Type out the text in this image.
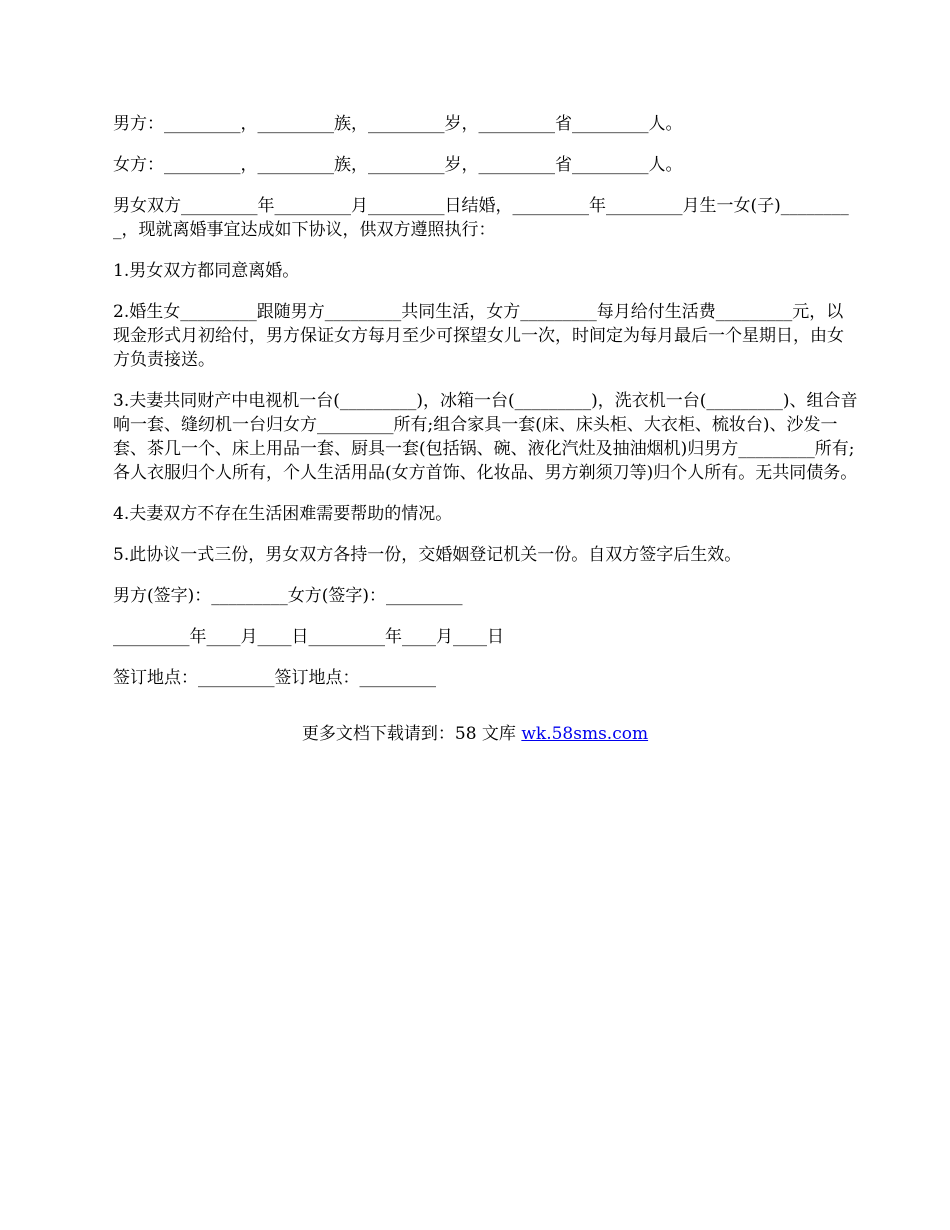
男方：_________，_________族，_________岁，_________省_________人。

女方：_________，_________族，_________岁，_________省_________人。

男女双方_________年_________月_________日结婚，_________年_________月生一女(子)_________，现就离婚事宜达成如下协议，供双方遵照执行：

1.男女双方都同意离婚。

2.婚生女_________跟随男方_________共同生活，女方_________每月给付生活费_________元，以现金形式月初给付，男方保证女方每月至少可探望女儿一次，时间定为每月最后一个星期日，由女方负责接送。

3.夫妻共同财产中电视机一台(_________)，冰箱一台(_________)，洗衣机一台(_________)、组合音响一套、缝纫机一台归女方_________所有;组合家具一套(床、床头柜、大衣柜、梳妆台)、沙发一套、茶几一个、床上用品一套、厨具一套(包括锅、碗、液化汽灶及抽油烟机)归男方_________所有;各人衣服归个人所有，个人生活用品(女方首饰、化妆品、男方剃须刀等)归个人所有。无共同债务。

4.夫妻双方不存在生活困难需要帮助的情况。

5.此协议一式三份，男女双方各持一份，交婚姻登记机关一份。自双方签字后生效。

男方(签字)：_________女方(签字)：_________

_________年____月____日_________年____月____日

签订地点：_________签订地点：_________

更多文档下载请到：58 文库 wk.58sms.com
